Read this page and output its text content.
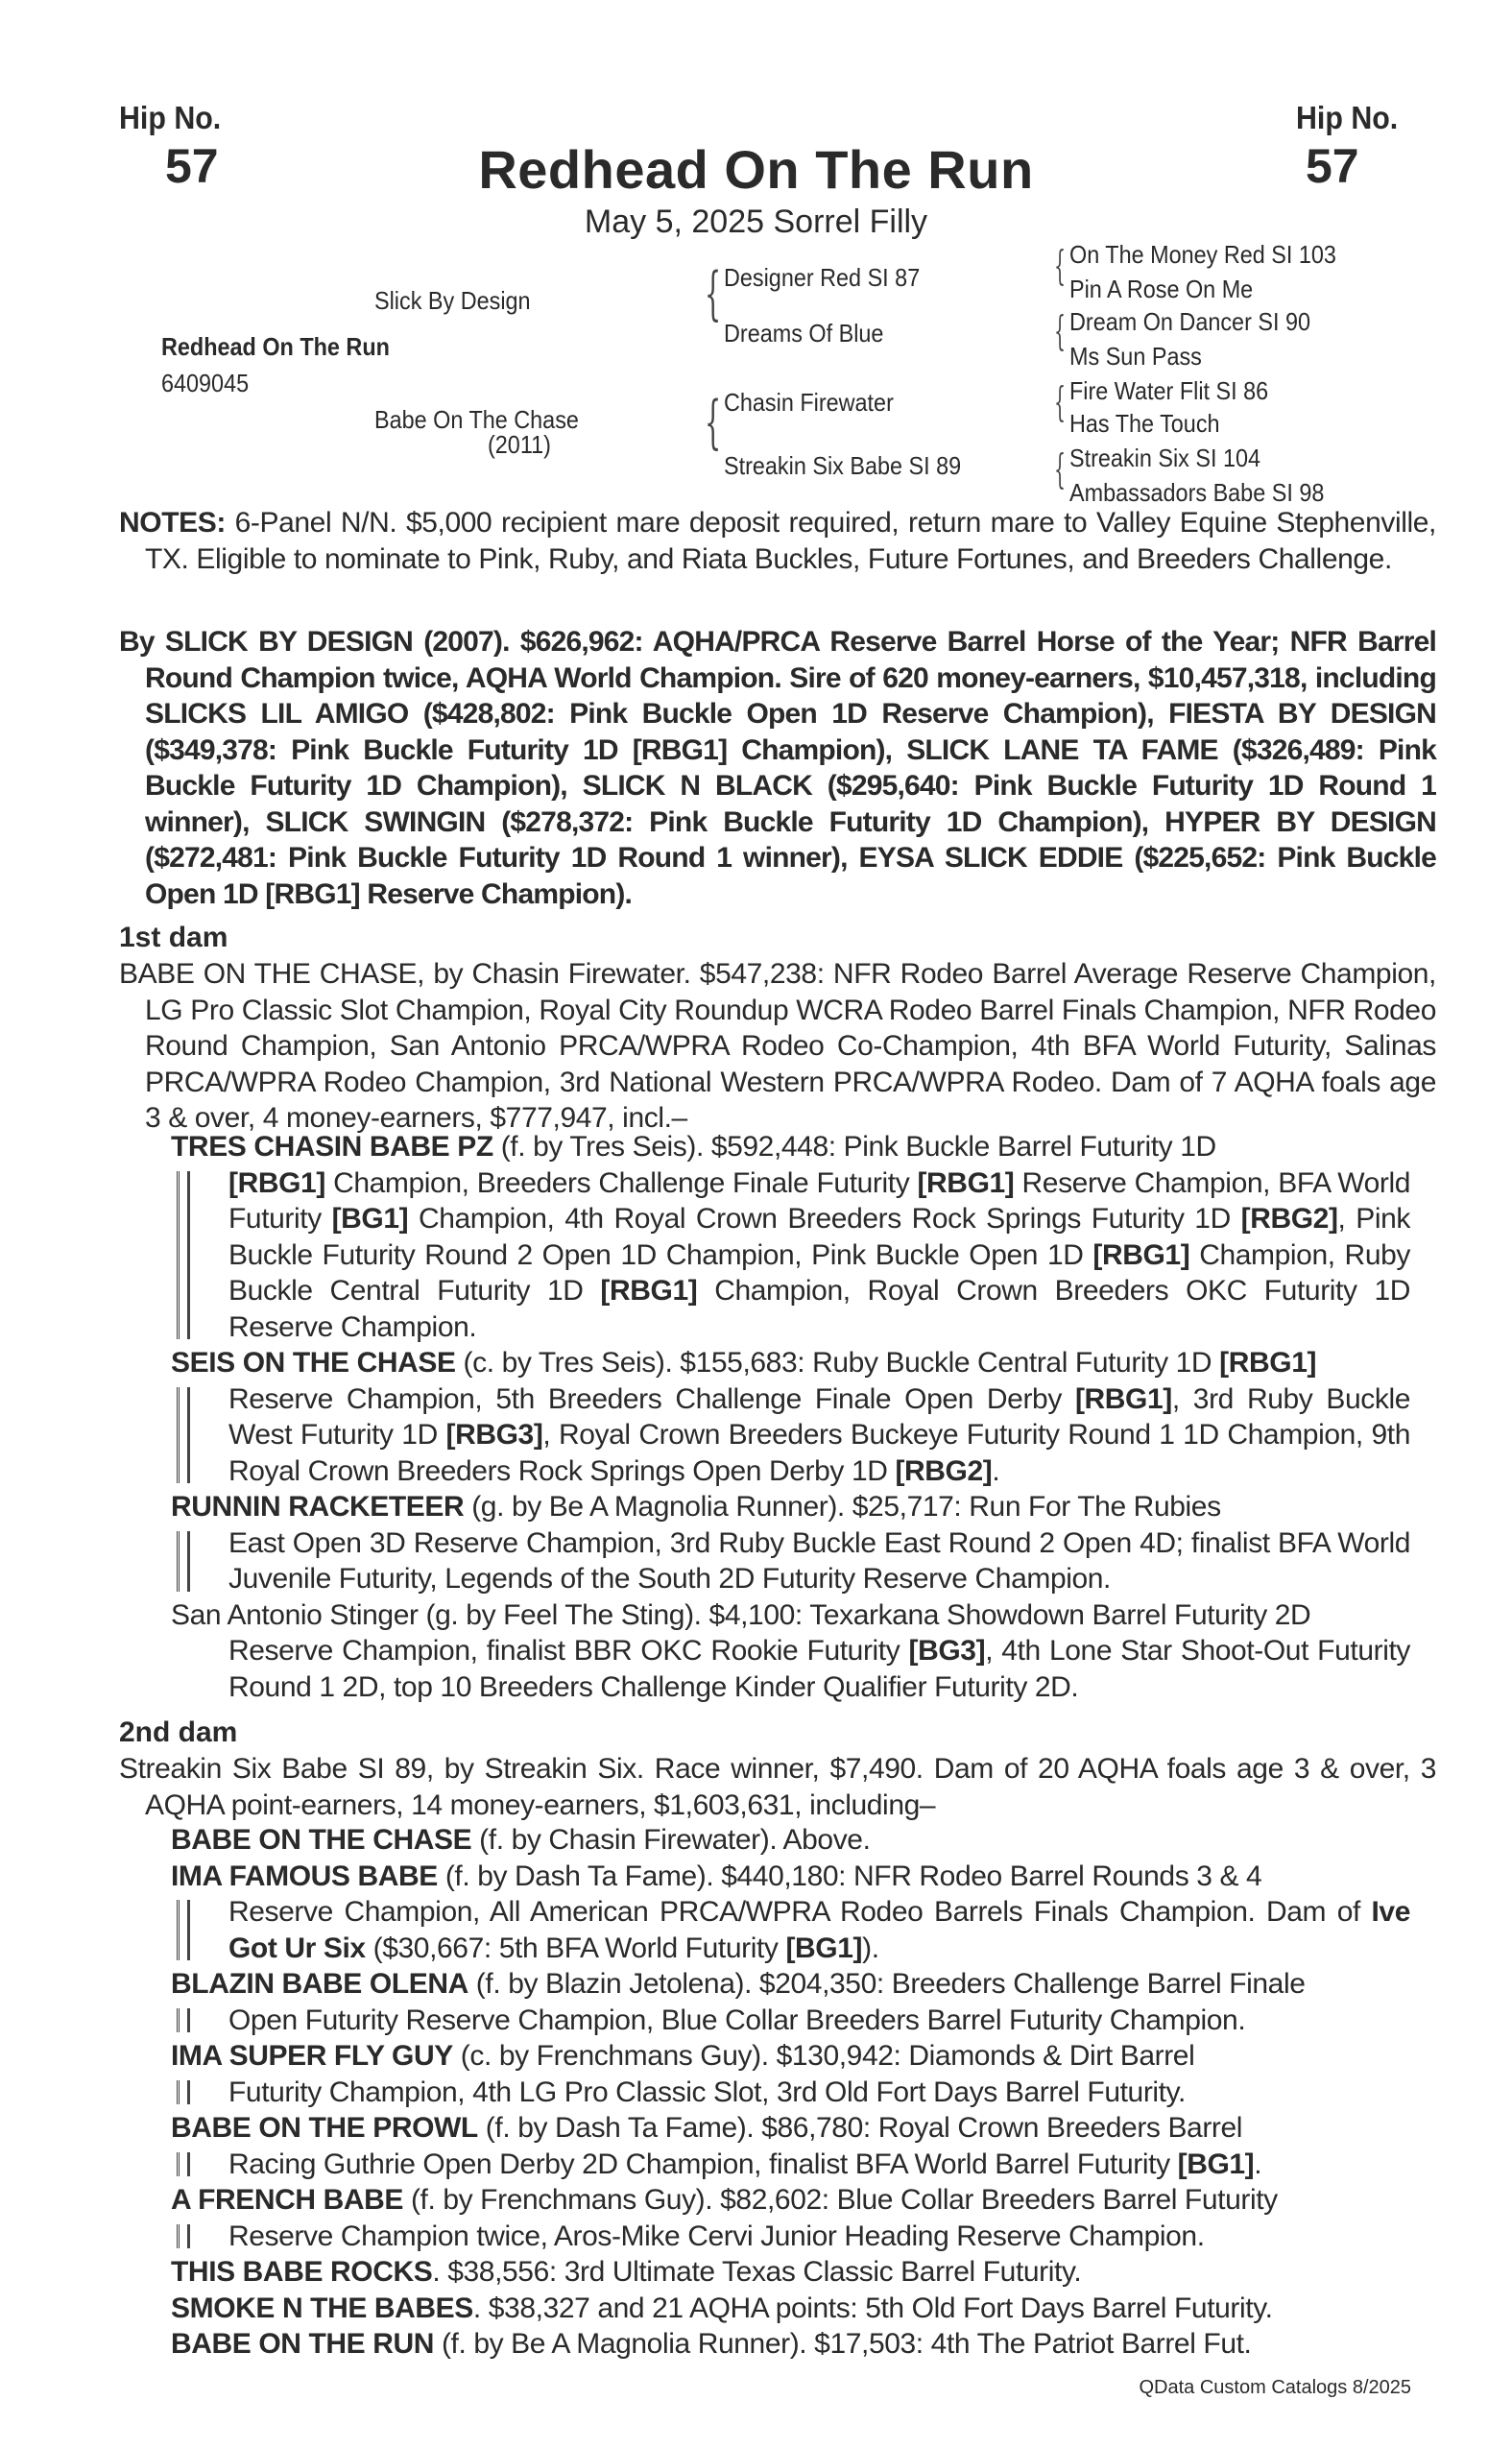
Hip No.
57
Hip No.
57
Redhead On The Run
May 5, 2025 Sorrel Filly
Redhead On The Run
6409045
Slick By Design
Babe On The Chase
(2011)
{ Designer Red SI 87
Dreams Of Blue
{ Chasin Firewater
Streakin Six Babe SI 89
{ On The Money Red SI 103
Pin A Rose On Me
{ Dream On Dancer SI 90
Ms Sun Pass
{ Fire Water Flit SI 86
Has The Touch
{ Streakin Six SI 104
Ambassadors Babe SI 98
NOTES: 6-Panel N/N. $5,000 recipient mare deposit required, return mare to Valley Equine Stephenville, TX. Eligible to nominate to Pink, Ruby, and Riata Buckles, Future Fortunes, and Breeders Challenge.
By SLICK BY DESIGN (2007). $626,962: AQHA/PRCA Reserve Barrel Horse of the Year; NFR Barrel Round Champion twice, AQHA World Champion. Sire of 620 money-earners, $10,457,318, including SLICKS LIL AMIGO ($428,802: Pink Buckle Open 1D Reserve Champion), FIESTA BY DESIGN ($349,378: Pink Buckle Futurity 1D [RBG1] Champion), SLICK LANE TA FAME ($326,489: Pink Buckle Futurity 1D Champion), SLICK N BLACK ($295,640: Pink Buckle Futurity 1D Round 1 winner), SLICK SWINGIN ($278,372: Pink Buckle Futurity 1D Champion), HYPER BY DESIGN ($272,481: Pink Buckle Futurity 1D Round 1 winner), EYSA SLICK EDDIE ($225,652: Pink Buckle Open 1D [RBG1] Reserve Champion).
1st dam
BABE ON THE CHASE, by Chasin Firewater. $547,238: NFR Rodeo Barrel Average Reserve Champion, LG Pro Classic Slot Champion, Royal City Roundup WCRA Rodeo Barrel Finals Champion, NFR Rodeo Round Champion, San Antonio PRCA/WPRA Rodeo Co-Champion, 4th BFA World Futurity, Salinas PRCA/WPRA Rodeo Champion, 3rd National Western PRCA/WPRA Rodeo. Dam of 7 AQHA foals age 3 & over, 4 money-earners, $777,947, incl.–
TRES CHASIN BABE PZ (f. by Tres Seis). $592,448: Pink Buckle Barrel Futurity 1D
[RBG1] Champion, Breeders Challenge Finale Futurity [RBG1] Reserve Champion, BFA World Futurity [BG1] Champion, 4th Royal Crown Breeders Rock Springs Futurity 1D [RBG2], Pink Buckle Futurity Round 2 Open 1D Champion, Pink Buckle Open 1D [RBG1] Champion, Ruby Buckle Central Futurity 1D [RBG1] Champion, Royal Crown Breeders OKC Futurity 1D Reserve Champion.
SEIS ON THE CHASE (c. by Tres Seis). $155,683: Ruby Buckle Central Futurity 1D [RBG1]
Reserve Champion, 5th Breeders Challenge Finale Open Derby [RBG1], 3rd Ruby Buckle West Futurity 1D [RBG3], Royal Crown Breeders Buckeye Futurity Round 1 1D Champion, 9th Royal Crown Breeders Rock Springs Open Derby 1D [RBG2].
RUNNIN RACKETEER (g. by Be A Magnolia Runner). $25,717: Run For The Rubies
East Open 3D Reserve Champion, 3rd Ruby Buckle East Round 2 Open 4D; finalist BFA World Juvenile Futurity, Legends of the South 2D Futurity Reserve Champion.
San Antonio Stinger (g. by Feel The Sting). $4,100: Texarkana Showdown Barrel Futurity 2D
Reserve Champion, finalist BBR OKC Rookie Futurity [BG3], 4th Lone Star Shoot-Out Futurity Round 1 2D, top 10 Breeders Challenge Kinder Qualifier Futurity 2D.
2nd dam
Streakin Six Babe SI 89, by Streakin Six. Race winner, $7,490. Dam of 20 AQHA foals age 3 & over, 3 AQHA point-earners, 14 money-earners, $1,603,631, including–
BABE ON THE CHASE (f. by Chasin Firewater). Above.
IMA FAMOUS BABE (f. by Dash Ta Fame). $440,180: NFR Rodeo Barrel Rounds 3 & 4
Reserve Champion, All American PRCA/WPRA Rodeo Barrels Finals Champion. Dam of Ive Got Ur Six ($30,667: 5th BFA World Futurity [BG1]).
BLAZIN BABE OLENA (f. by Blazin Jetolena). $204,350: Breeders Challenge Barrel Finale
Open Futurity Reserve Champion, Blue Collar Breeders Barrel Futurity Champion.
IMA SUPER FLY GUY (c. by Frenchmans Guy). $130,942: Diamonds & Dirt Barrel
Futurity Champion, 4th LG Pro Classic Slot, 3rd Old Fort Days Barrel Futurity.
BABE ON THE PROWL (f. by Dash Ta Fame). $86,780: Royal Crown Breeders Barrel
Racing Guthrie Open Derby 2D Champion, finalist BFA World Barrel Futurity [BG1].
A FRENCH BABE (f. by Frenchmans Guy). $82,602: Blue Collar Breeders Barrel Futurity
Reserve Champion twice, Aros-Mike Cervi Junior Heading Reserve Champion.
THIS BABE ROCKS. $38,556: 3rd Ultimate Texas Classic Barrel Futurity.
SMOKE N THE BABES. $38,327 and 21 AQHA points: 5th Old Fort Days Barrel Futurity.
BABE ON THE RUN (f. by Be A Magnolia Runner). $17,503: 4th The Patriot Barrel Fut.
QData Custom Catalogs 8/2025
